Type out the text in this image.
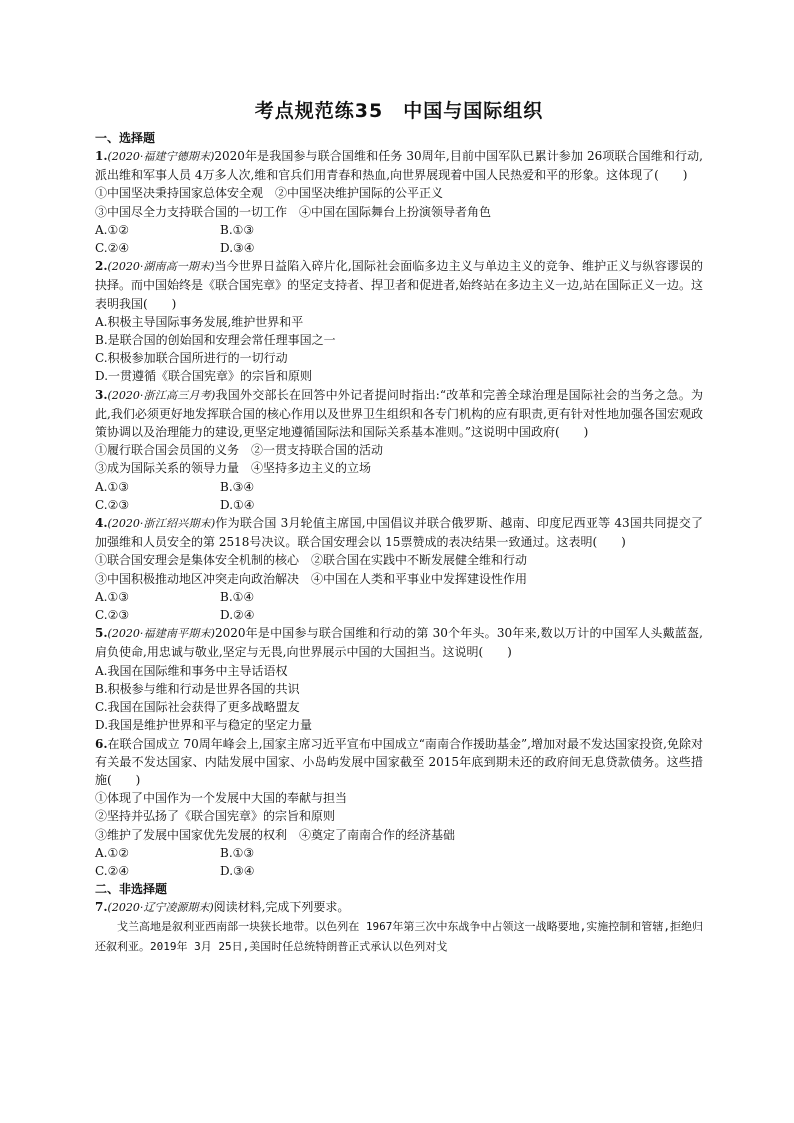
考点规范练35　中国与国际组织

一、选择题

1.(2020·福建宁德期末)2020年是我国参与联合国维和任务 30周年,目前中国军队已累计参加 26项联合国维和行动,派出维和军事人员 4万多人次,维和官兵们用青春和热血,向世界展现着中国人民热爱和平的形象。这体现了(　　)

①中国坚决秉持国家总体安全观　②中国坚决维护国际的公平正义

③中国尽全力支持联合国的一切工作　④中国在国际舞台上扮演领导者角色

A.①②	B.①③
C.②④	D.③④

2.(2020·湖南高一期末)当今世界日益陷入碎片化,国际社会面临多边主义与单边主义的竞争、维护正义与纵容谬误的抉择。而中国始终是《联合国宪章》的坚定支持者、捍卫者和促进者,始终站在多边主义一边,站在国际正义一边。这表明我国(　　)

A.积极主导国际事务发展,维护世界和平

B.是联合国的创始国和安理会常任理事国之一

C.积极参加联合国所进行的一切行动

D.一贯遵循《联合国宪章》的宗旨和原则

3.(2020·浙江高三月考)我国外交部长在回答中外记者提问时指出:“改革和完善全球治理是国际社会的当务之急。为此,我们必须更好地发挥联合国的核心作用以及世界卫生组织和各专门机构的应有职责,更有针对性地加强各国宏观政策协调以及治理能力的建设,更坚定地遵循国际法和国际关系基本准则。”这说明中国政府(　　)

①履行联合国会员国的义务　②一贯支持联合国的活动

③成为国际关系的领导力量　④坚持多边主义的立场

A.①③	B.③④
C.②③	D.①④

4.(2020·浙江绍兴期末)作为联合国 3月轮值主席国,中国倡议并联合俄罗斯、越南、印度尼西亚等 43国共同提交了加强维和人员安全的第 2518号决议。联合国安理会以 15票赞成的表决结果一致通过。这表明(　　)

①联合国安理会是集体安全机制的核心　②联合国在实践中不断发展健全维和行动

③中国积极推动地区冲突走向政治解决　④中国在人类和平事业中发挥建设性作用

A.①③	B.①④
C.②③	D.②④

5.(2020·福建南平期末)2020年是中国参与联合国维和行动的第 30个年头。30年来,数以万计的中国军人头戴蓝盔,肩负使命,用忠诚与敬业,坚定与无畏,向世界展示中国的大国担当。这说明(　　)

A.我国在国际维和事务中主导话语权

B.积极参与维和行动是世界各国的共识

C.我国在国际社会获得了更多战略盟友

D.我国是维护世界和平与稳定的坚定力量

6.在联合国成立 70周年峰会上,国家主席习近平宣布中国成立“南南合作援助基金”,增加对最不发达国家投资,免除对有关最不发达国家、内陆发展中国家、小岛屿发展中国家截至 2015年底到期未还的政府间无息贷款债务。这些措施(　　)

①体现了中国作为一个发展中大国的奉献与担当

②坚持并弘扬了《联合国宪章》的宗旨和原则

③维护了发展中国家优先发展的权利　④奠定了南南合作的经济基础

A.①②	B.①③
C.②④	D.③④

二、非选择题

7.(2020·辽宁凌源期末)阅读材料,完成下列要求。

戈兰高地是叙利亚西南部一块狭长地带。以色列在 1967年第三次中东战争中占领这一战略要地,实施控制和管辖,拒绝归还叙利亚。2019年 3月 25日,美国时任总统特朗普正式承认以色列对戈
